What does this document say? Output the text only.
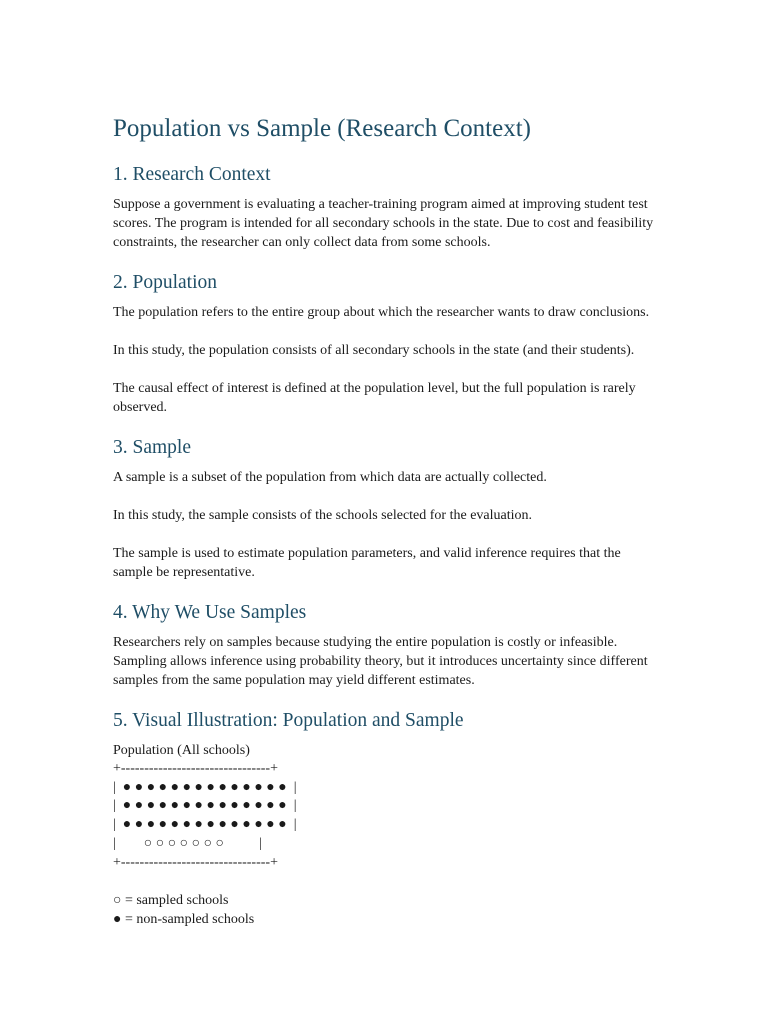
Population vs Sample (Research Context)
1. Research Context

Suppose a government is evaluating a teacher-training program aimed at improving student test scores. The program is intended for all secondary schools in the state. Due to cost and feasibility constraints, the researcher can only collect data from some schools.

2. Population

The population refers to the entire group about which the researcher wants to draw conclusions.

In this study, the population consists of all secondary schools in the state (and their students).

The causal effect of interest is defined at the population level, but the full population is rarely observed.

3. Sample

A sample is a subset of the population from which data are actually collected.

In this study, the sample consists of the schools selected for the evaluation.

The sample is used to estimate population parameters, and valid inference requires that the sample be representative.

4. Why We Use Samples

Researchers rely on samples because studying the entire population is costly or infeasible. Sampling allows inference using probability theory, but it introduces uncertainty since different samples from the same population may yield different estimates.

5. Visual Illustration: Population and Sample
Population (All schools)
+--------------------------------+
|  ● ● ● ● ● ● ● ● ● ● ● ● ● ●  |
|  ● ● ● ● ● ● ● ● ● ● ● ● ● ●  |
|  ● ● ● ● ● ● ● ● ● ● ● ● ● ●  |
|        ○ ○ ○ ○ ○ ○ ○          |
+--------------------------------+
○ = sampled schools
● = non-sampled schools
